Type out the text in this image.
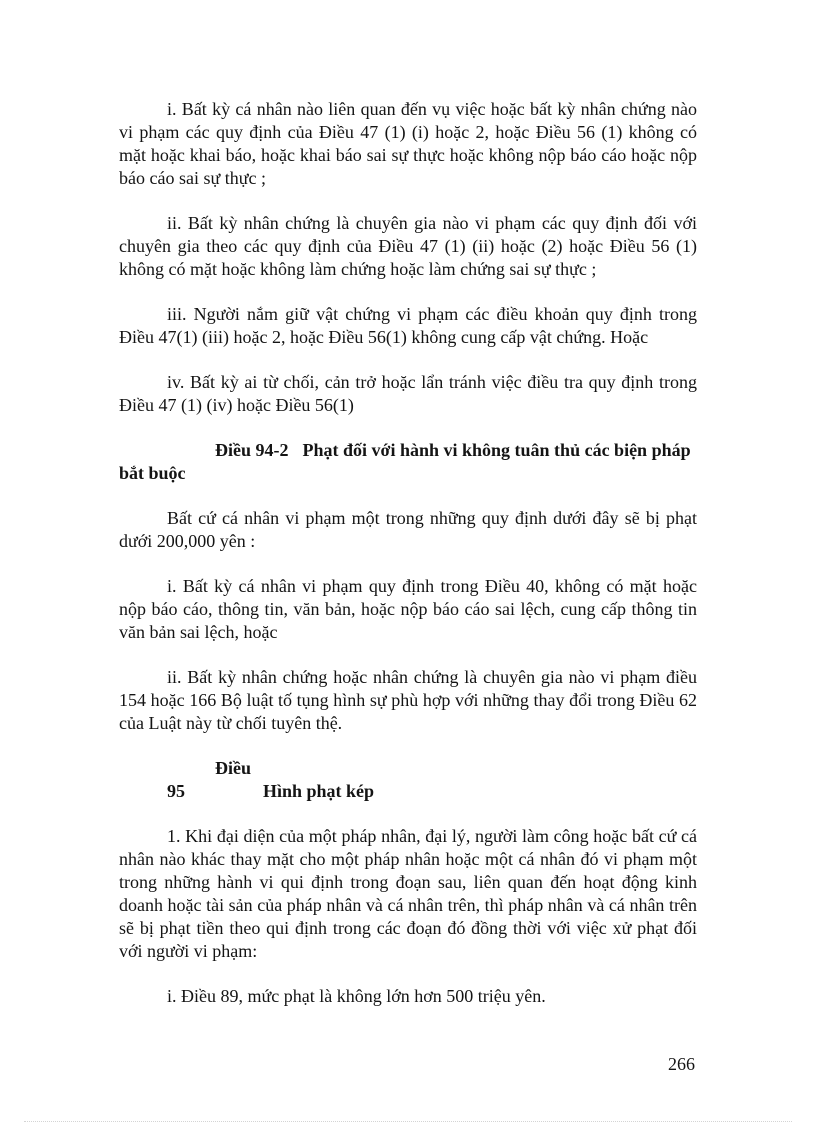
i. Bất kỳ cá nhân nào liên quan đến vụ việc hoặc bất kỳ nhân chứng nào vi phạm các quy định của Điều 47 (1) (i) hoặc 2, hoặc Điều 56 (1) không có mặt hoặc khai báo, hoặc khai báo sai sự thực hoặc không nộp báo cáo hoặc nộp báo cáo sai sự thực ;

ii. Bất kỳ nhân chứng là chuyên gia nào vi phạm các quy định đối với chuyên gia theo các quy định của Điều 47 (1) (ii) hoặc (2) hoặc Điều 56 (1) không có mặt hoặc không làm chứng hoặc làm chứng sai sự thực ;

iii. Người nắm giữ vật chứng vi phạm các điều khoản quy định trong Điều 47(1) (iii) hoặc 2, hoặc Điều 56(1) không cung cấp vật chứng. Hoặc

iv. Bất kỳ ai từ chối, cản trở hoặc lẩn tránh việc điều tra quy định trong Điều 47 (1) (iv) hoặc Điều 56(1)

Điều 94-2 Phạt đối với hành vi không tuân thủ các biện pháp bắt buộc

Bất cứ cá nhân vi phạm một trong những quy định dưới đây sẽ bị phạt dưới 200,000 yên :

i. Bất kỳ cá nhân vi phạm quy định trong Điều 40, không có mặt hoặc nộp báo cáo, thông tin, văn bản, hoặc nộp báo cáo sai lệch, cung cấp thông tin văn bản sai lệch, hoặc

ii. Bất kỳ nhân chứng hoặc nhân chứng là chuyên gia nào vi phạm điều 154 hoặc 166 Bộ luật tố tụng hình sự phù hợp với những thay đổi trong Điều 62 của Luật này từ chối tuyên thệ.

Điều 95	Hình phạt kép

1. Khi đại diện của một pháp nhân, đại lý, người làm công hoặc bất cứ cá nhân nào khác thay mặt cho một pháp nhân hoặc một cá nhân đó vi phạm một trong những hành vi qui định trong đoạn sau, liên quan đến hoạt động kinh doanh hoặc tài sản của pháp nhân và cá nhân trên, thì pháp nhân và cá nhân trên sẽ bị phạt tiền theo qui định trong các đoạn đó đồng thời với việc xử phạt đối với người vi phạm:

i. Điều 89, mức phạt là không lớn hơn 500 triệu yên.

266
